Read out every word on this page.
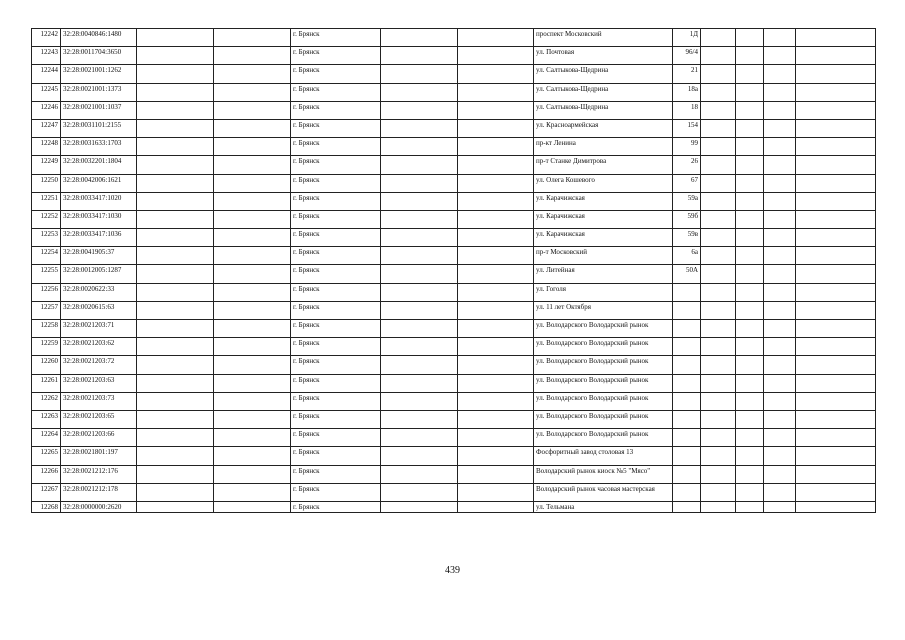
12242	32:28:0040846:1480			г. Брянск			проспект Московский	1Д				
12243	32:28:0011704:3650			г. Брянск			ул. Почтовая	96/4				
12244	32:28:0021001:1262			г. Брянск			ул. Салтыкова-Щедрина	21				
12245	32:28:0021001:1373			г. Брянск			ул. Салтыкова-Щедрина	18а				
12246	32:28:0021001:1037			г. Брянск			ул. Салтыкова-Щедрина	18				
12247	32:28:0031101:2155			г. Брянск			ул. Красноармейская	154				
12248	32:28:0031633:1703			г. Брянск			пр-кт Ленина	99				
12249	32:28:0032201:1804			г. Брянск			пр-т Станке Димитрова	26				
12250	32:28:0042006:1621			г. Брянск			ул. Олега Кошевого	67				
12251	32:28:0033417:1020			г. Брянск			ул. Карачижская	59а				
12252	32:28:0033417:1030			г. Брянск			ул. Карачижская	59б				
12253	32:28:0033417:1036			г. Брянск			ул. Карачижская	59в				
12254	32:28:0041905:37			г. Брянск			пр-т Московский	6а				
12255	32:28:0012005:1287			г. Брянск			ул. Литейная	50А				
12256	32:28:0020622:33			г. Брянск			ул. Гоголя					
12257	32:28:0020615:63			г. Брянск			ул. 11 лет Октября					
12258	32:28:0021203:71			г. Брянск			ул. Володарского Володарский рынок					
12259	32:28:0021203:62			г. Брянск			ул. Володарского Володарский рынок					
12260	32:28:0021203:72			г. Брянск			ул. Володарского Володарский рынок					
12261	32:28:0021203:63			г. Брянск			ул. Володарского Володарский рынок					
12262	32:28:0021203:73			г. Брянск			ул. Володарского Володарский рынок					
12263	32:28:0021203:65			г. Брянск			ул. Володарского Володарский рынок					
12264	32:28:0021203:66			г. Брянск			ул. Володарского Володарский рынок					
12265	32:28:0021801:197			г. Брянск			Фосфоритный завод столовая 13					
12266	32:28:0021212:176			г. Брянск			Володарский рынок киоск №5 "Мясо"					
12267	32:28:0021212:178			г. Брянск			Володарский рынок часовая мастерская					
12268	32:28:0000000:2620			г. Брянск			ул. Тельмана					
439
